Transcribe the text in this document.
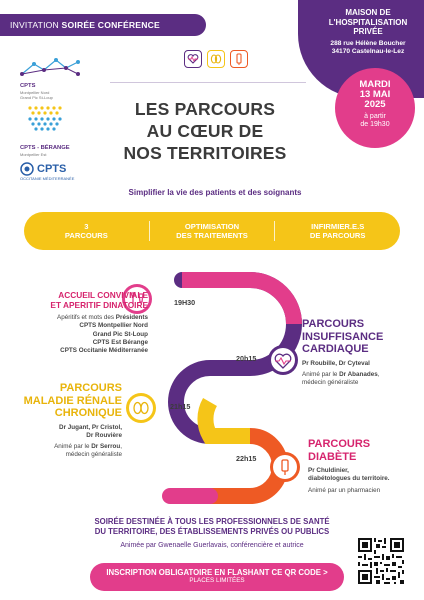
INVITATION SOIRÉE CONFÉRENCE
MAISON DE
L'HOSPITALISATION
PRIVÉE
288 rue Hélène Boucher
34170 Castelnau-le-Lez
MARDI
13 MAI
2025
à partir
de 19h30
CPTS
Montpellier Nord
Grand Pic St-Loup
CPTS - BÉRANGE
Montpellier Est
CPTS
OCCITANIE MÉDITERRANÉE
LES PARCOURS
AU CŒUR DE
NOS TERRITOIRES
Simplifier la vie des patients et des soignants
3
PARCOURS
OPTIMISATION
DES TRAITEMENTS
INFIRMIER.E.S
DE PARCOURS
19H30
20h15
21h15
22h15
ACCUEIL CONVIVIALE
ET APERITIF DINATOIRE
Apéritifs et mots des Présidents
CPTS Montpellier Nord
Grand Pic St-Loup
CPTS Est Bérange
CPTS Occitanie Méditerranée
PARCOURS
INSUFFISANCE
CARDIAQUE
Pr Roubille, Dr Cyteval
Animé par le Dr Abanades,
médecin généraliste
PARCOURS
MALADIE RÉNALE
CHRONIQUE
Dr Jugant, Pr Cristol,
Dr Rouvière
Animé par le Dr Serrou,
médecin généraliste
PARCOURS
DIABÈTE
Pr Chuldinier,
diabétologues du territoire.
Animé par un pharmacien
SOIRÉE DESTINÉE À TOUS LES PROFESSIONNELS DE SANTÉ
DU TERRITOIRE, DES ÉTABLISSEMENTS PRIVÉS OU PUBLICS
Animée par Gwenaelle Guerlavais, conférencière et autrice
INSCRIPTION OBLIGATOIRE EN FLASHANT CE QR CODE >
PLACES LIMITÉES
